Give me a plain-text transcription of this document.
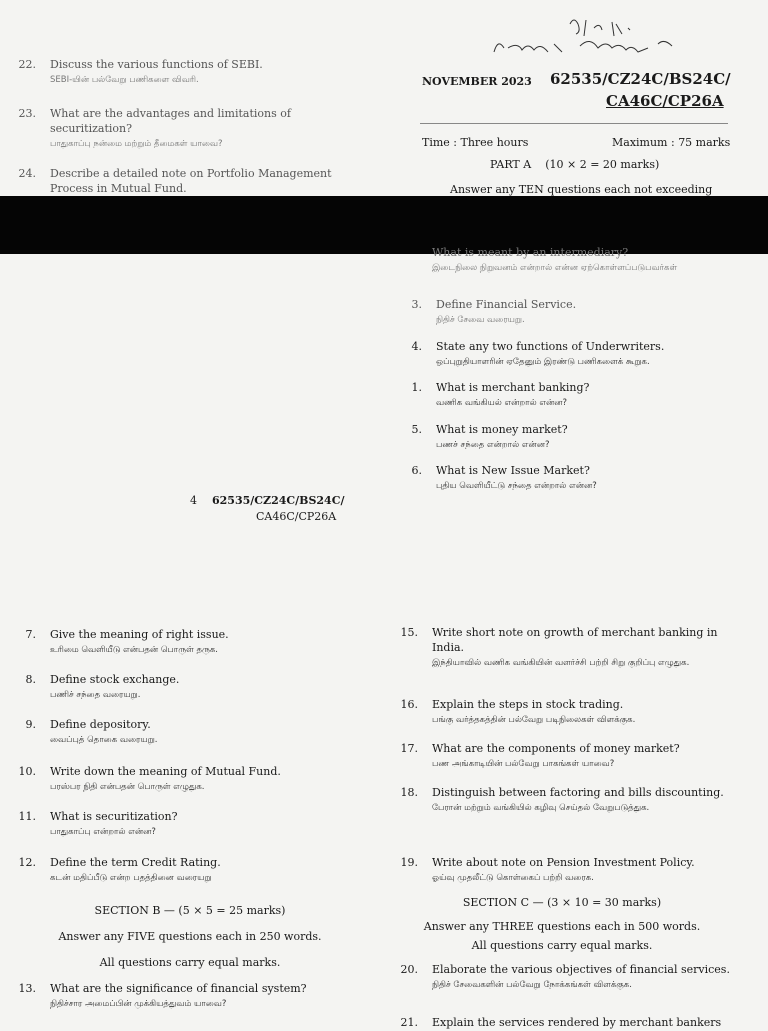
22. Discuss the various functions of SEBI.
SEBI-யின் பல்வேறு பணிகளை விவரி.
23. What are the advantages and limitations of securitization?
பாதுகாப்பு நன்மை மற்றும் தீமைகள் யாவை?
24. Describe a detailed note on Portfolio Management Process in Mutual Fund.
NOVEMBER 2023 62535/CZ24C/BS24C/
CA46C/CP26A
Time : Three hours	Maximum : 75 marks
PART A (10 × 2 = 20 marks)
Answer any TEN questions each not exceeding
What is meant by an intermediary?
இடைநிலை நிறுவனம் என்றால் என்ன ஏற்கொள்ளப்படுபவர்கள்
3. Define Financial Service.
நிதிச் சேவை வரையறு.
4. State any two functions of Underwriters.
ஒப்புறுதியாளரின் ஏதேனும் இரண்டு பணிகளைக் கூறுக.
1. What is merchant banking?
வணிக வங்கியல் என்றால் என்ன?
5. What is money market?
பணச் சந்தை என்றால் என்ன?
6. What is New Issue Market?
புதிய வெளியீட்டு சந்தை என்றால் என்ன?
4 62535/CZ24C/BS24C/
CA46C/CP26A
7. Give the meaning of right issue.
உரிமை வெளியீடு என்பதன் பொருள் தருக.
8. Define stock exchange.
பணிச் சந்தை வரையறு.
9. Define depository.
வைப்புத் தொகை வரையறு.
10. Write down the meaning of Mutual Fund.
பரஸ்பர நிதி என்பதன் பொருள் எழுதுக.
11. What is securitization?
பாதுகாப்பு என்றால் என்ன?
12. Define the term Credit Rating.
கடன் மதிப்பீடு என்ற பதத்தினை வரையறு
SECTION B — (5 × 5 = 25 marks)
Answer any FIVE questions each in 250 words.
All questions carry equal marks.
13. What are the significance of financial system?
நிதிச்சார அமைப்பின் முக்கியத்துவம் யாவை?
15. Write short note on growth of merchant banking in India.
இந்தியாவில் வணிக வங்கியின் வளர்ச்சி பற்றி சிறு குறிப்பு எழுதுக.
16. Explain the steps in stock trading.
பங்கு வர்த்தகத்தின் பல்வேறு படிநிலைகள் விளக்குக.
17. What are the components of money market?
பண அங்காடியின் பல்வேறு பாகங்கள் யாவை?
18. Distinguish between factoring and bills discounting.
பேரான் மற்றும் வங்கியில் கழிவு செய்தல் வேறுபடுத்துக.
19. Write about note on Pension Investment Policy.
ஓய்வு முதலீட்டு கொள்கைப் பற்றி வரைக.
SECTION C — (3 × 10 = 30 marks)
Answer any THREE questions each in 500 words.
All questions carry equal marks.
20. Elaborate the various objectives of financial services.
நிதிச் சேவைகளின் பல்வேறு நோக்கங்கள் விளக்குக.
21. Explain the services rendered by merchant bankers
